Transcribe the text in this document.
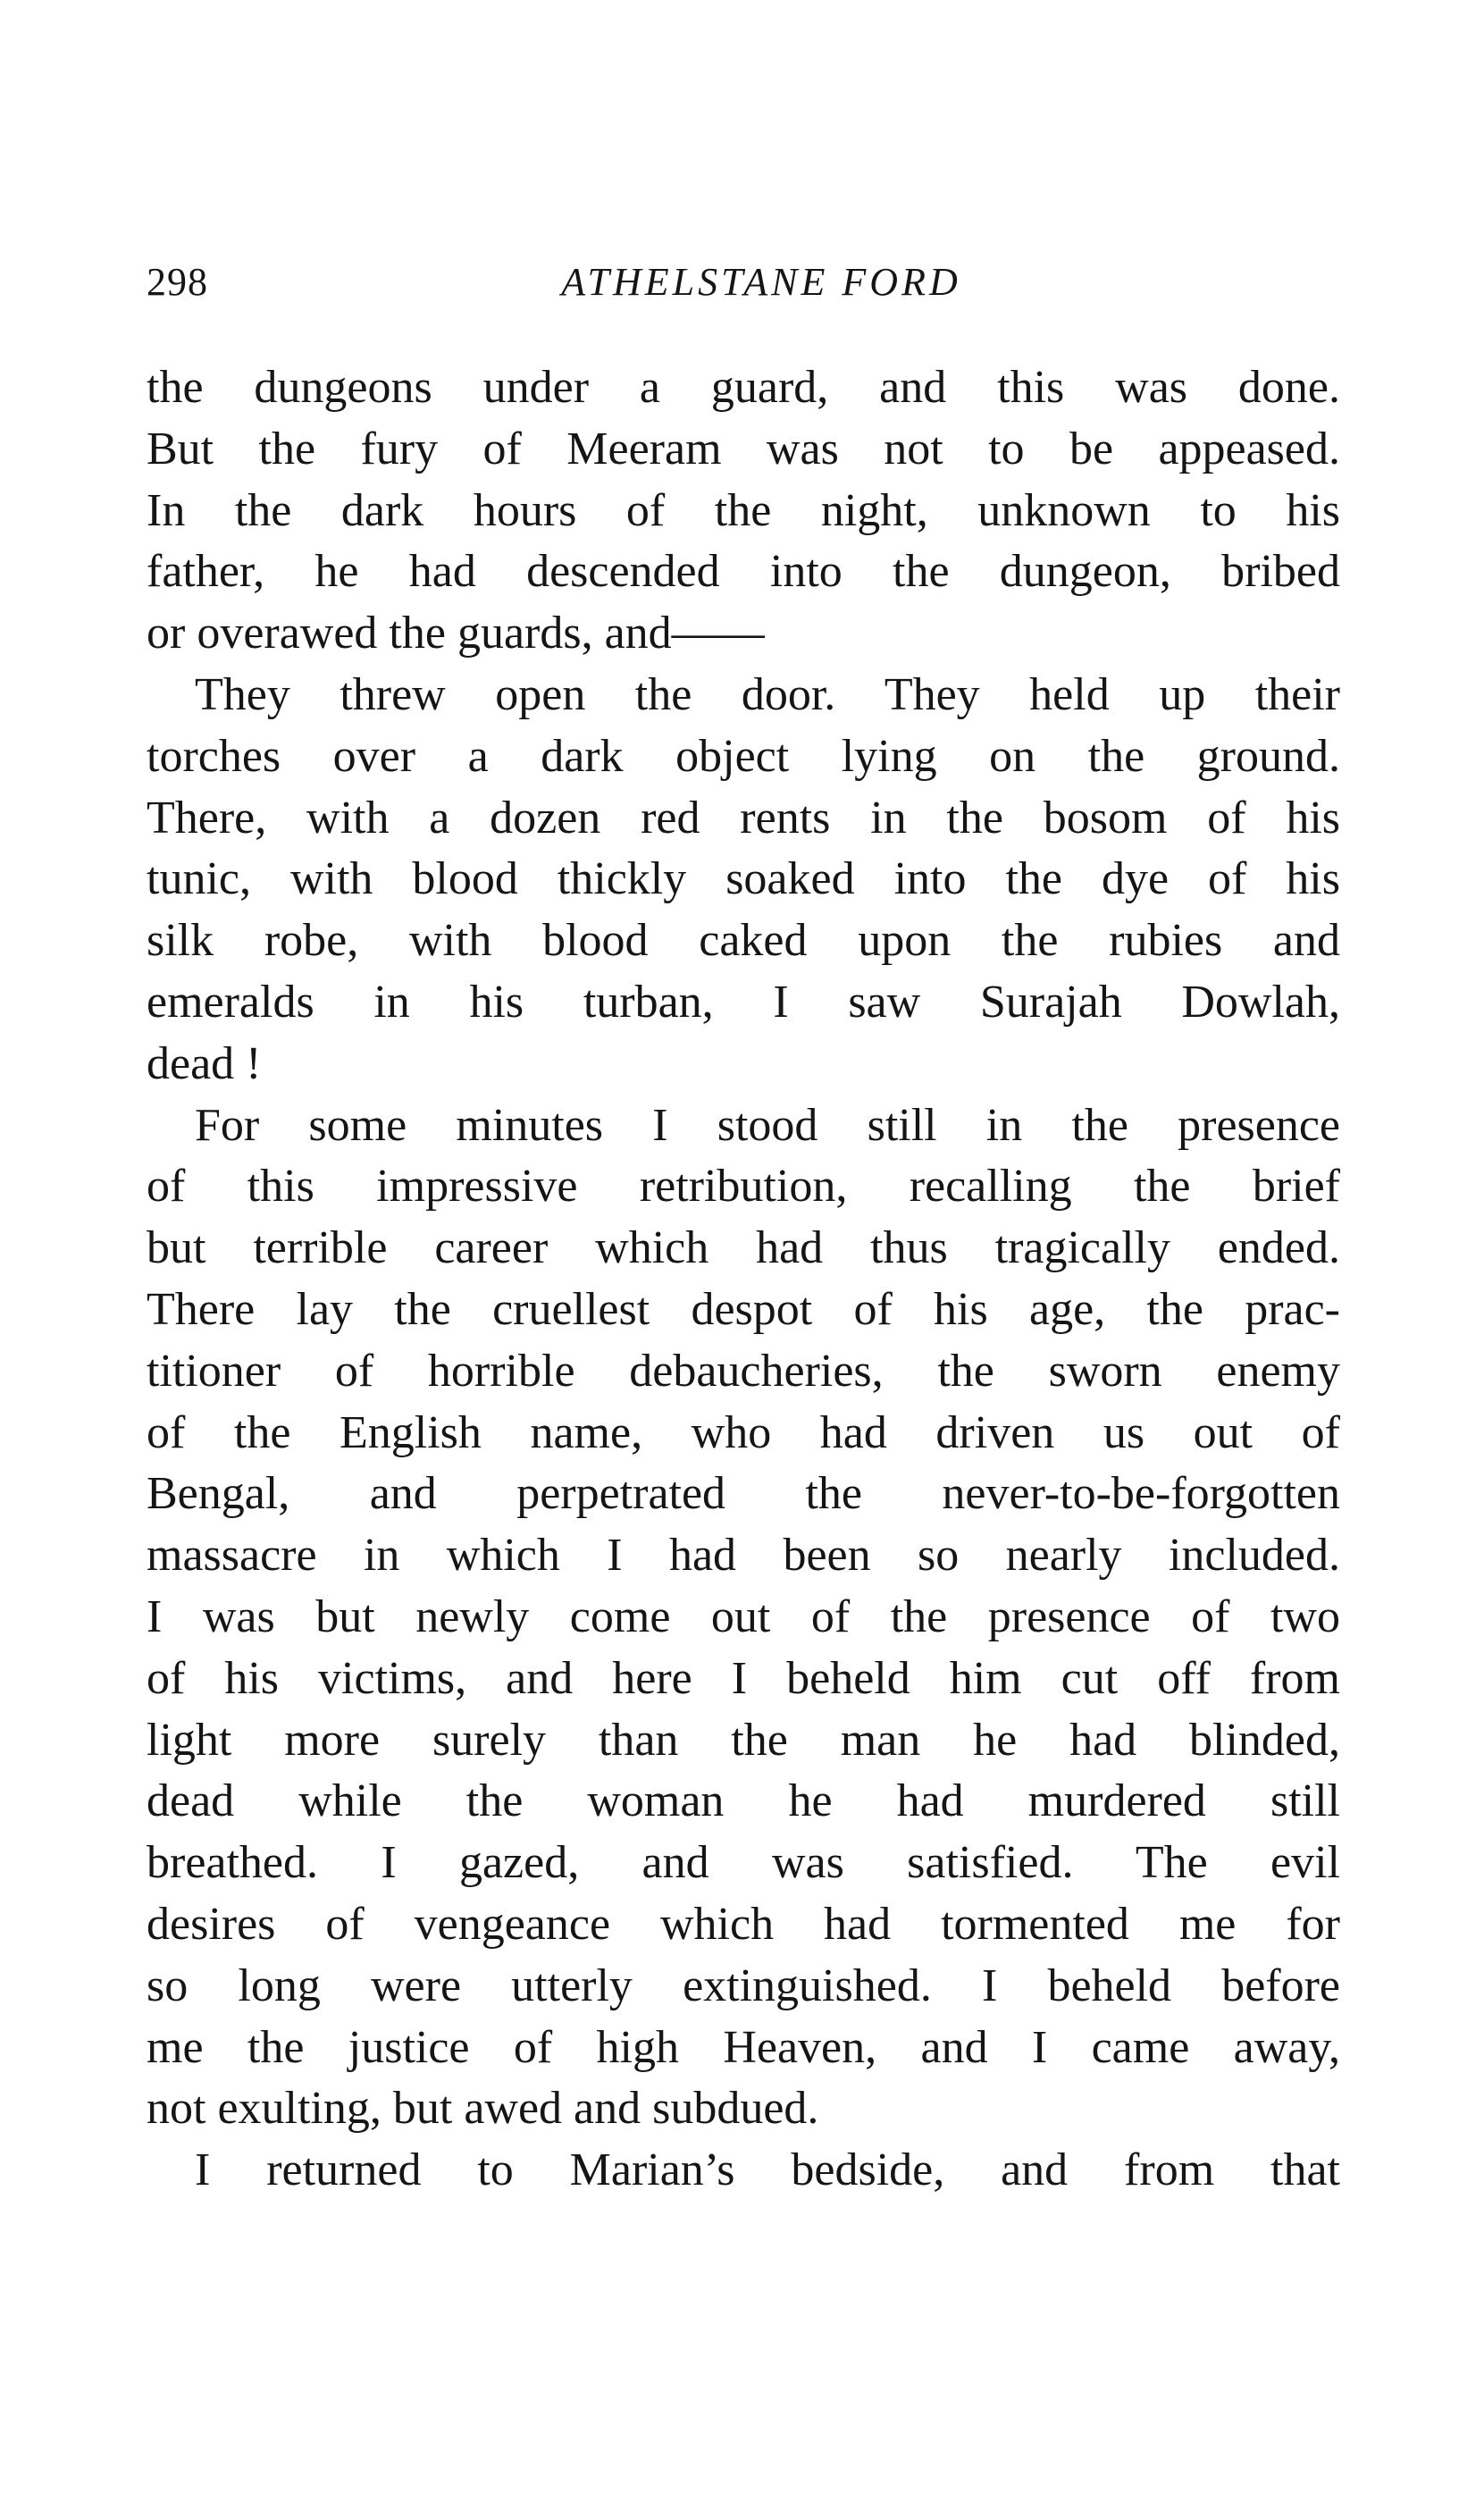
298	ATHELSTANE FORD
the dungeons under a guard, and this was done.
But the fury of Meeram was not to be appeased.
In the dark hours of the night, unknown to his
father, he had descended into the dungeon, bribed
or overawed the guards, and——
They threw open the door. They held up their
torches over a dark object lying on the ground.
There, with a dozen red rents in the bosom of his
tunic, with blood thickly soaked into the dye of his
silk robe, with blood caked upon the rubies and
emeralds in his turban, I saw Surajah Dowlah,
dead !
For some minutes I stood still in the presence
of this impressive retribution, recalling the brief
but terrible career which had thus tragically ended.
There lay the cruellest despot of his age, the prac-
titioner of horrible debaucheries, the sworn enemy
of the English name, who had driven us out of
Bengal, and perpetrated the never-to-be-forgotten
massacre in which I had been so nearly included.
I was but newly come out of the presence of two
of his victims, and here I beheld him cut off from
light more surely than the man he had blinded,
dead while the woman he had murdered still
breathed. I gazed, and was satisfied. The evil
desires of vengeance which had tormented me for
so long were utterly extinguished. I beheld before
me the justice of high Heaven, and I came away,
not exulting, but awed and subdued.
I returned to Marian’s bedside, and from that
